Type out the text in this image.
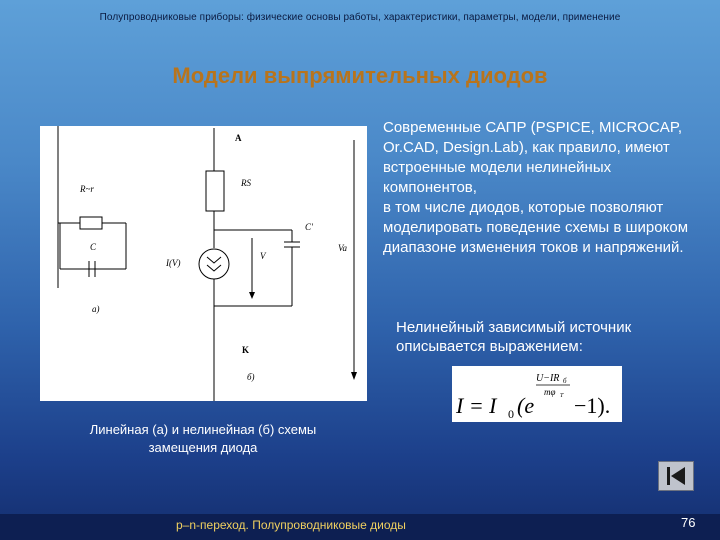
Полупроводниковые приборы: физические основы работы, характеристики, параметры, модели, применение
Модели выпрямительных диодов
R~r
C
a)
A
RS
C'
Va
I(V)
V
K
б)

Современные САПР (PSPICE, MICROCAP, Or.CAD, Design.Lab), как правило, имеют встроенные модели нелинейных компонентов,

в том числе диодов, которые позволяют моделировать поведение схемы в широком диапазоне изменения токов и напряжений.

Нелинейный зависимый источник описывается выражением:
I = I 0 (e
U−IR б
mφ T −1).
Линейная (а) и нелинейная (б) схемы
замещения диода
p–n-переход. Полупроводниковые диоды	76
